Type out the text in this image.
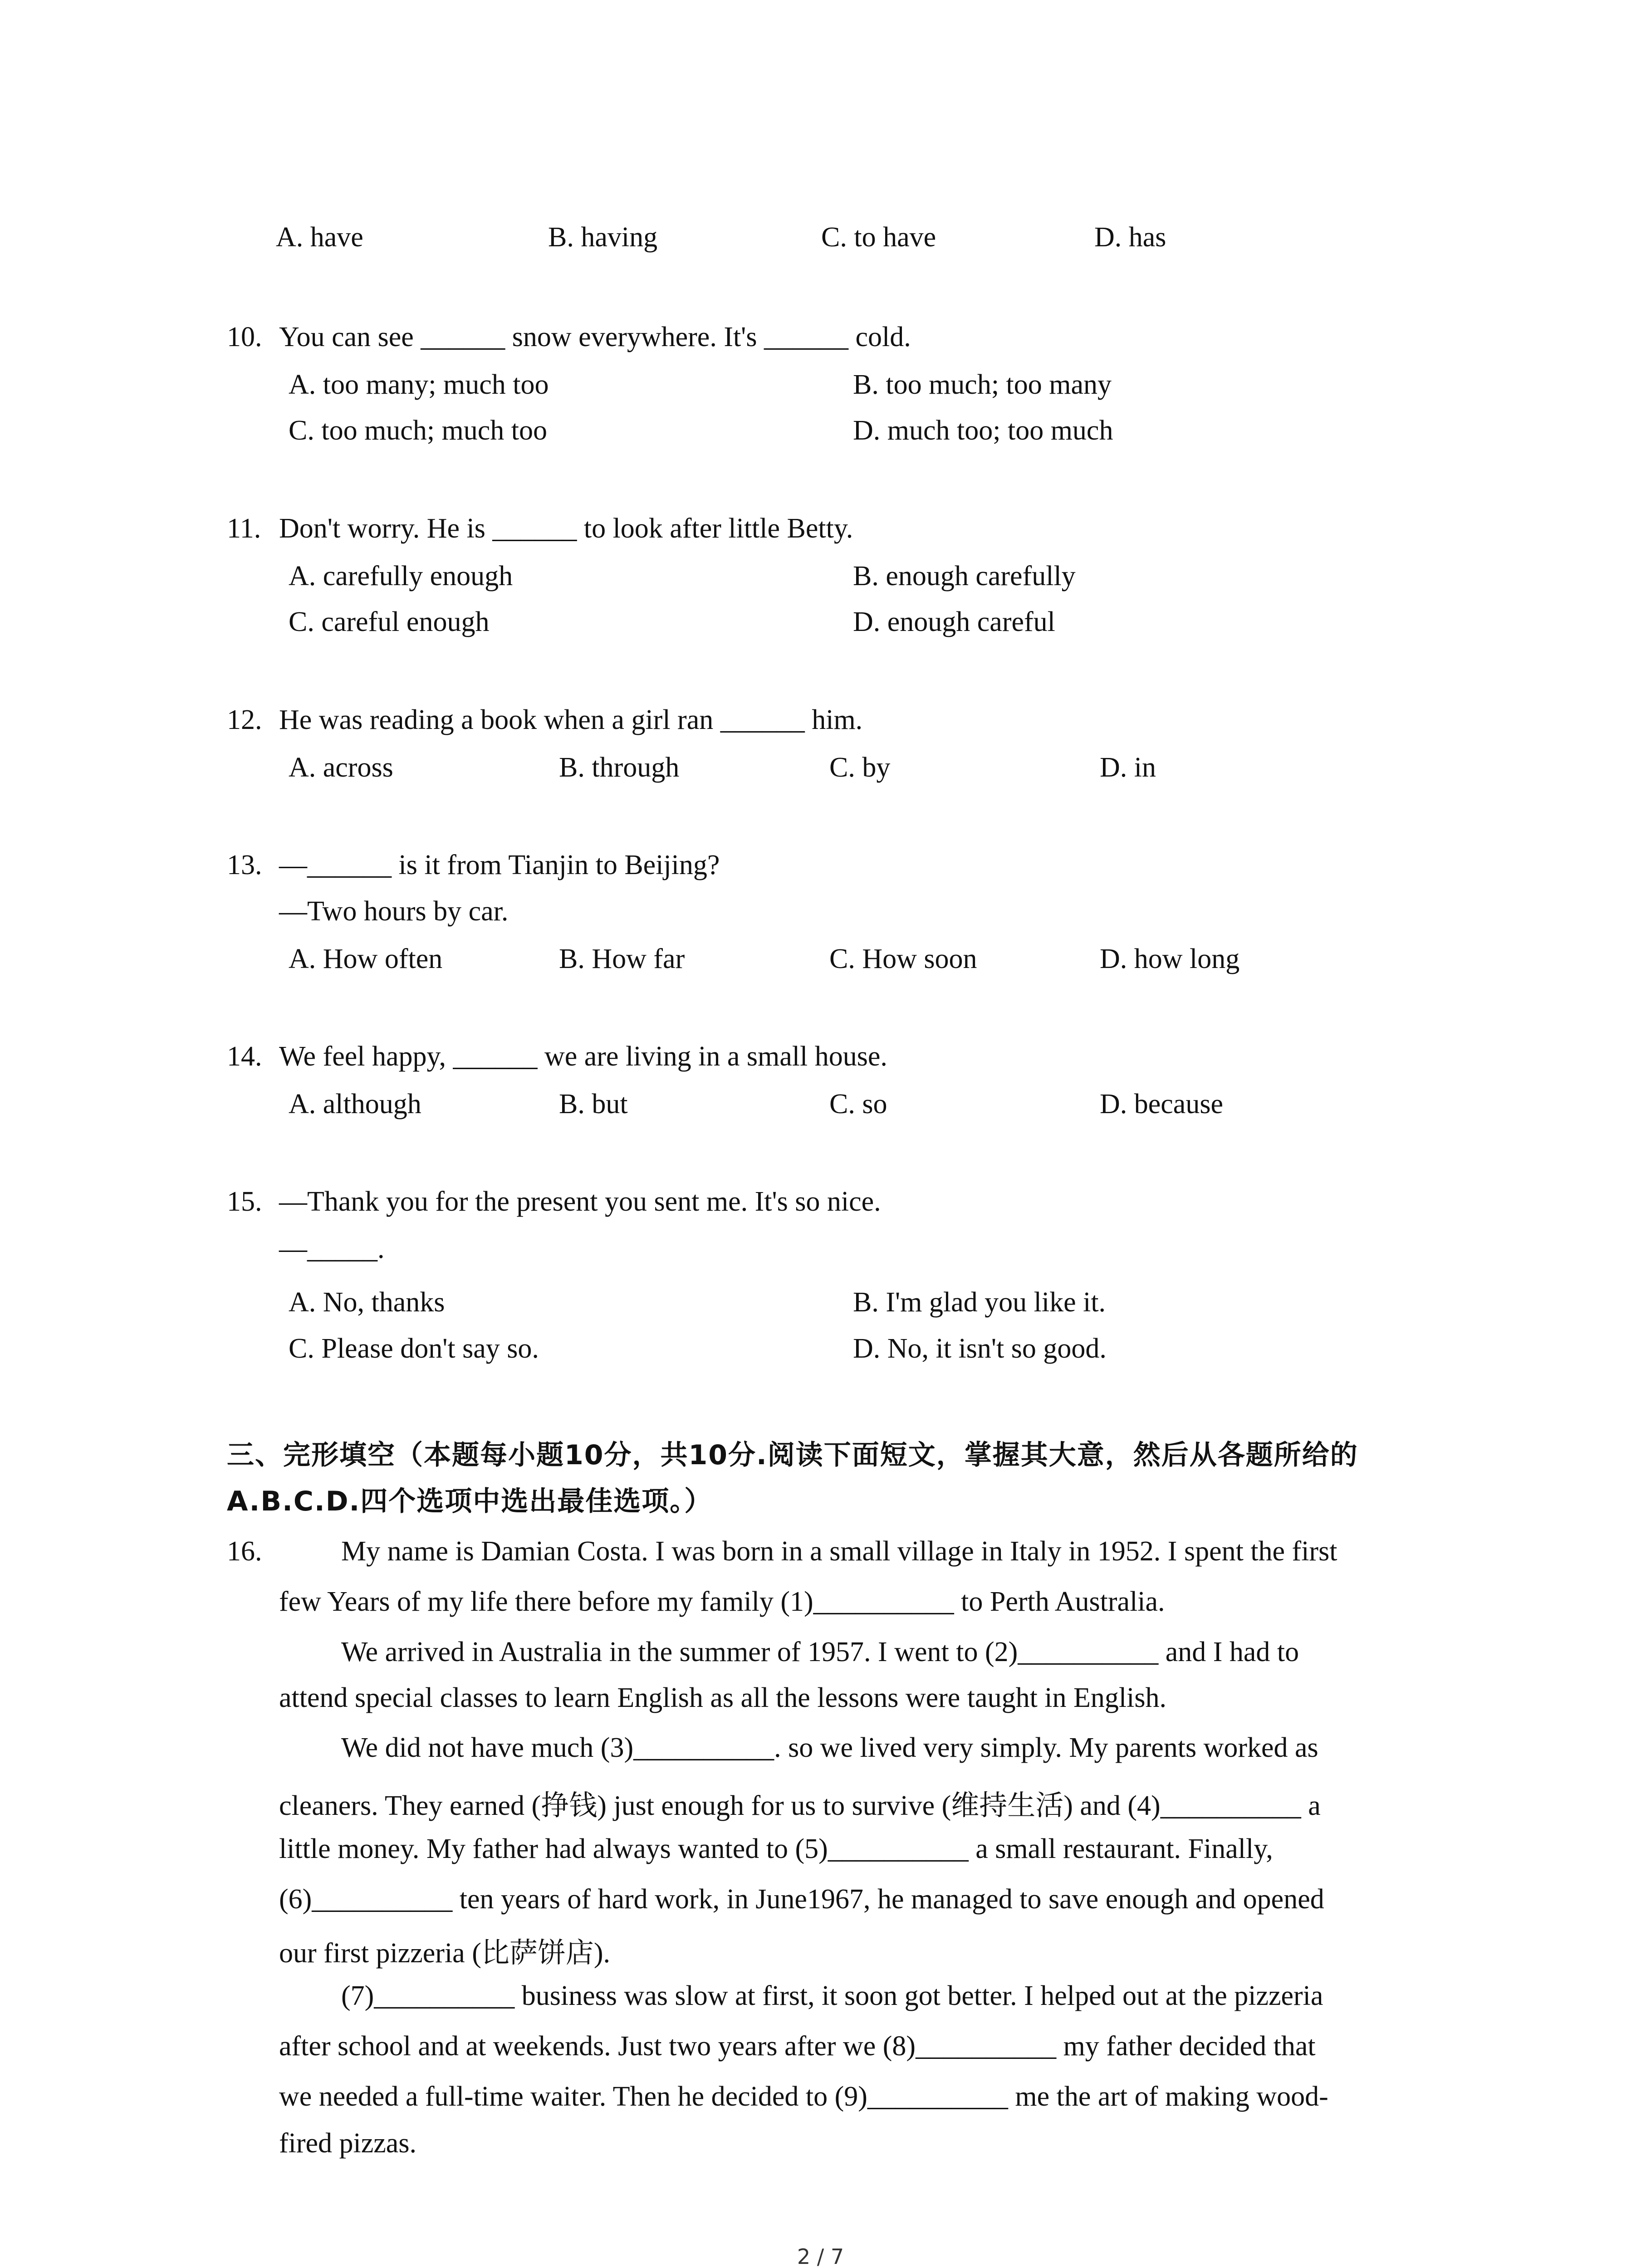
A. have	B. having	C. to have	D. has
10. You can see ______ snow everywhere. It's ______ cold.
A. too many; much too	B. too much; too many
C. too much; much too	D. much too; too much
11. Don't worry. He is ______ to look after little Betty.
A. carefully enough	B. enough carefully
C. careful enough	D. enough careful
12. He was reading a book when a girl ran ______ him.
A. across	B. through	C. by	D. in
13. —______ is it from Tianjin to Beijing?
—Two hours by car.
A. How often	B. How far	C. How soon	D. how long
14. We feel happy, ______ we are living in a small house.
A. although	B. but	C. so	D. because
15. —Thank you for the present you sent me. It's so nice.
—_____.
A. No, thanks	B. I'm glad you like it.
C. Please don't say so.	D. No, it isn't so good.
三、完形填空（本题每小题10分，共10分.阅读下面短文，掌握其大意，然后从各题所给的
A.B.C.D.四个选项中选出最佳选项。）
16.	My name is Damian Costa. I was born in a small village in Italy in 1952. I spent the first
few Years of my life there before my family (1)__________ to Perth Australia.
We arrived in Australia in the summer of 1957. I went to (2)__________ and I had to
attend special classes to learn English as all the lessons were taught in English.
We did not have much (3)__________. so we lived very simply. My parents worked as
cleaners. They earned (挣钱) just enough for us to survive (维持生活) and (4)__________ a
little money. My father had always wanted to (5)__________ a small restaurant. Finally,
(6)__________ ten years of hard work, in June1967, he managed to save enough and opened
our first pizzeria (比萨饼店).
(7)__________ business was slow at first, it soon got better. I helped out at the pizzeria
after school and at weekends. Just two years after we (8)__________ my father decided that
we needed a full-time waiter. Then he decided to (9)__________ me the art of making wood-
fired pizzas.
2 / 7
